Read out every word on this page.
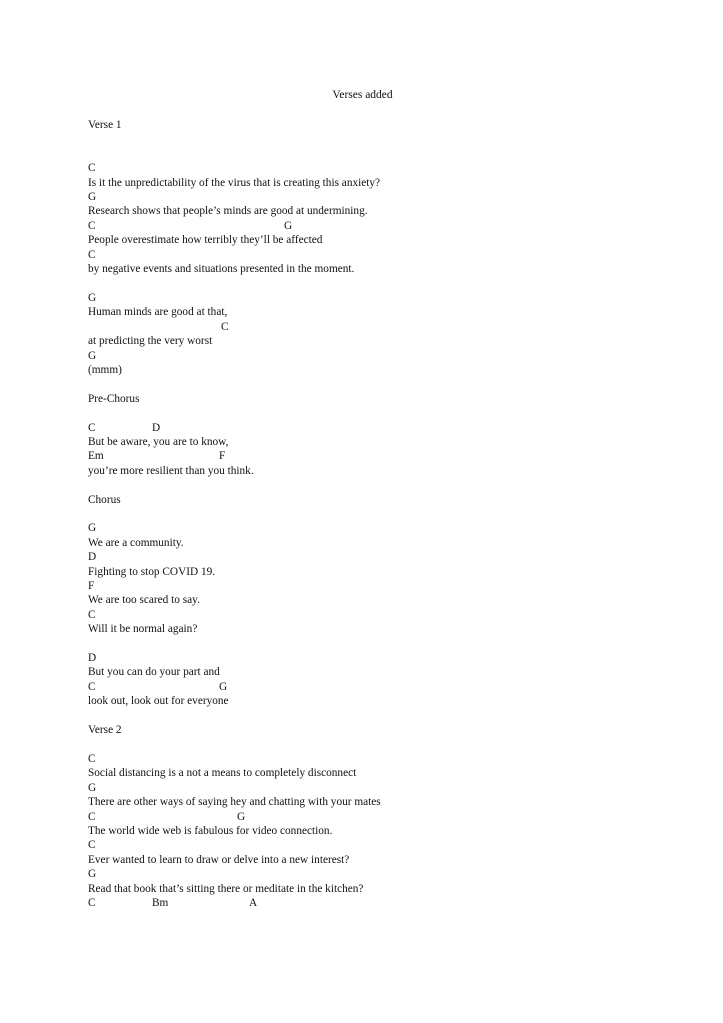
Verses added
Verse 1
C
Is it the unpredictability of the virus that is creating this anxiety?
G
Research shows that people’s minds are good at undermining.
C	G
People overestimate how terribly they’ll be affected
C
by negative events and situations presented in the moment.
G
Human minds are good at that,
C
at predicting the very worst
G
(mmm)
Pre-Chorus
C	D
But be aware, you are to know,
Em	F
you’re more resilient than you think.
Chorus
G
We are a community.
D
Fighting to stop COVID 19.
F
We are too scared to say.
C
Will it be normal again?
D
But you can do your part and
C	G
look out, look out for everyone
Verse 2
C
Social distancing is a not a means to completely disconnect
G
There are other ways of saying hey and chatting with your mates
C	G
The world wide web is fabulous for video connection.
C
Ever wanted to learn to draw or delve into a new interest?
G
Read that book that’s sitting there or meditate in the kitchen?
C	Bm	A
